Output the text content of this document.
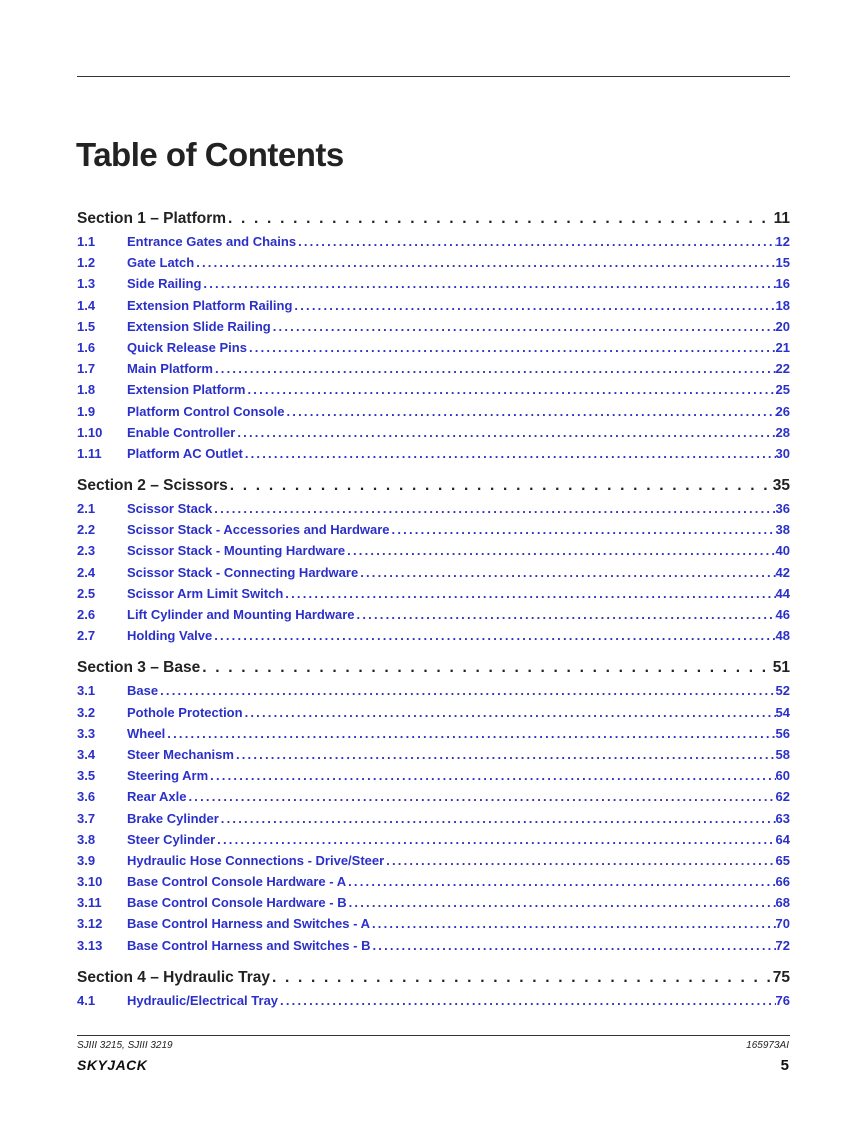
Table of Contents
Section 1 – Platform . . .	11
1.1	Entrance Gates and Chains .....	12
1.2	Gate Latch .....	15
1.3	Side Railing .....	16
1.4	Extension Platform Railing .....	18
1.5	Extension Slide Railing .....	20
1.6	Quick Release Pins .....	21
1.7	Main Platform .....	22
1.8	Extension Platform .....	25
1.9	Platform Control Console .....	26
1.10	Enable Controller .....	28
1.11	Platform AC Outlet .....	30
Section 2 – Scissors . . .	35
2.1	Scissor Stack .....	36
2.2	Scissor Stack - Accessories and Hardware .....	38
2.3	Scissor Stack - Mounting Hardware .....	40
2.4	Scissor Stack - Connecting Hardware .....	42
2.5	Scissor Arm Limit Switch .....	44
2.6	Lift Cylinder and Mounting Hardware .....	46
2.7	Holding Valve .....	48
Section 3 – Base . . .	51
3.1	Base .....	52
3.2	Pothole Protection .....	54
3.3	Wheel .....	56
3.4	Steer Mechanism .....	58
3.5	Steering Arm .....	60
3.6	Rear Axle .....	62
3.7	Brake Cylinder .....	63
3.8	Steer Cylinder .....	64
3.9	Hydraulic Hose Connections - Drive/Steer .....	65
3.10	Base Control Console Hardware - A .....	66
3.11	Base Control Console Hardware - B .....	68
3.12	Base Control Harness and Switches - A .....	70
3.13	Base Control Harness and Switches - B .....	72
Section 4 – Hydraulic Tray . . .	75
4.1	Hydraulic/Electrical Tray .....	76
SJIII 3215, SJIII 3219	165973AI
SKYJACK	5
